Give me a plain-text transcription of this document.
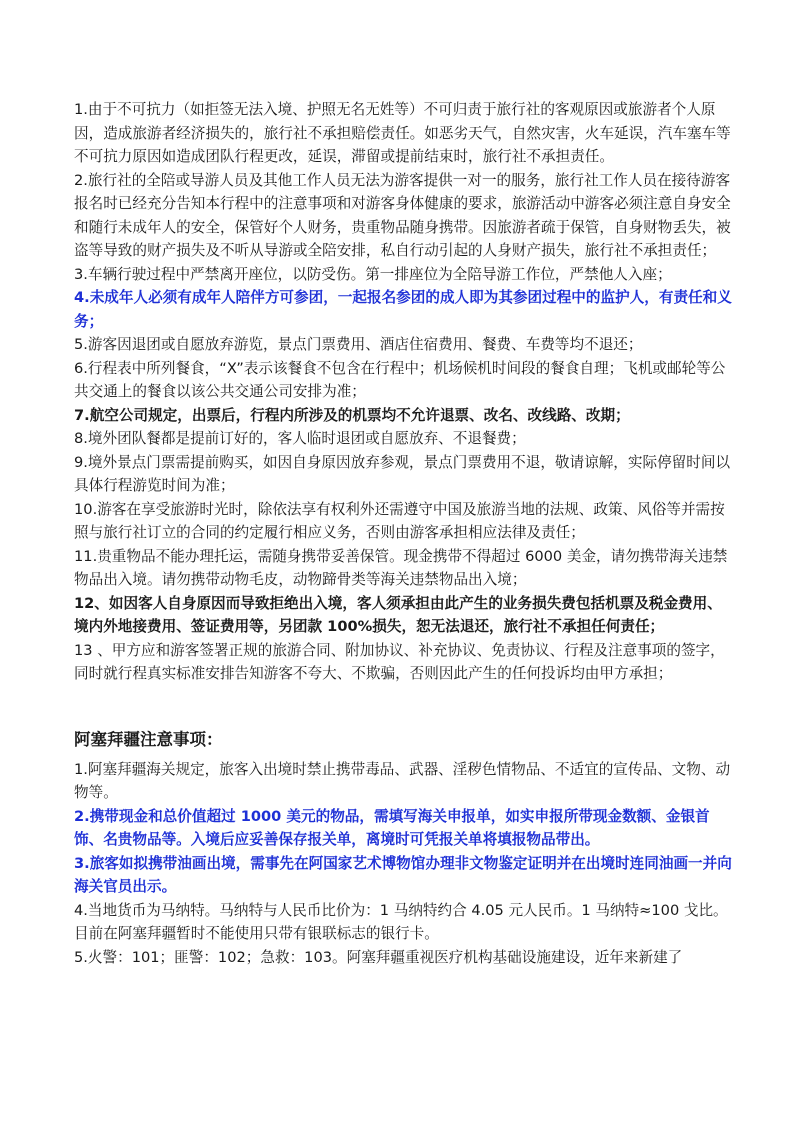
1.由于不可抗力（如拒签无法入境、护照无名无姓等）不可归责于旅行社的客观原因或旅游者个人原因，造成旅游者经济损失的，旅行社不承担赔偿责任。如恶劣天气，自然灾害，火车延误，汽车塞车等不可抗力原因如造成团队行程更改，延误，滞留或提前结束时，旅行社不承担责任。

2.旅行社的全陪或导游人员及其他工作人员无法为游客提供一对一的服务，旅行社工作人员在接待游客报名时已经充分告知本行程中的注意事项和对游客身体健康的要求，旅游活动中游客必须注意自身安全和随行未成年人的安全，保管好个人财务，贵重物品随身携带。因旅游者疏于保管，自身财物丢失，被盗等导致的财产损失及不听从导游或全陪安排，私自行动引起的人身财产损失，旅行社不承担责任；

3.车辆行驶过程中严禁离开座位，以防受伤。第一排座位为全陪导游工作位，严禁他人入座；

4.未成年人必须有成年人陪伴方可参团，一起报名参团的成人即为其参团过程中的监护人，有责任和义务；

5.游客因退团或自愿放弃游览，景点门票费用、酒店住宿费用、餐费、车费等均不退还；

6.行程表中所列餐食，“X”表示该餐食不包含在行程中；机场候机时间段的餐食自理；飞机或邮轮等公共交通上的餐食以该公共交通公司安排为准；

7.航空公司规定，出票后，行程内所涉及的机票均不允许退票、改名、改线路、改期；

8.境外团队餐都是提前订好的，客人临时退团或自愿放弃、不退餐费；

9.境外景点门票需提前购买，如因自身原因放弃参观，景点门票费用不退，敬请谅解，实际停留时间以具体行程游览时间为准；

10.游客在享受旅游时光时，除依法享有权利外还需遵守中国及旅游当地的法规、政策、风俗等并需按照与旅行社订立的合同的约定履行相应义务，否则由游客承担相应法律及责任；

11.贵重物品不能办理托运，需随身携带妥善保管。现金携带不得超过 6000 美金，请勿携带海关违禁物品出入境。请勿携带动物毛皮，动物蹄骨类等海关违禁物品出入境；

12、如因客人自身原因而导致拒绝出入境，客人须承担由此产生的业务损失费包括机票及税金费用、境内外地接费用、签证费用等，另团款 100%损失，恕无法退还，旅行社不承担任何责任；

13 、甲方应和游客签署正规的旅游合同、附加协议、补充协议、免责协议、行程及注意事项的签字，同时就行程真实标准安排告知游客不夸大、不欺骗，否则因此产生的任何投诉均由甲方承担；

阿塞拜疆注意事项：

1.阿塞拜疆海关规定，旅客入出境时禁止携带毒品、武器、淫秽色情物品、不适宜的宣传品、文物、动物等。

2.携带现金和总价值超过 1000 美元的物品，需填写海关申报单，如实申报所带现金数额、金银首饰、名贵物品等。入境后应妥善保存报关单，离境时可凭报关单将填报物品带出。

3.旅客如拟携带油画出境，需事先在阿国家艺术博物馆办理非文物鉴定证明并在出境时连同油画一并向海关官员出示。

4.当地货币为马纳特。马纳特与人民币比价为：1 马纳特约合 4.05 元人民币。1 马纳特≈100 戈比。目前在阿塞拜疆暂时不能使用只带有银联标志的银行卡。

5.火警：101；匪警：102；急救：103。阿塞拜疆重视医疗机构基础设施建设，近年来新建了
